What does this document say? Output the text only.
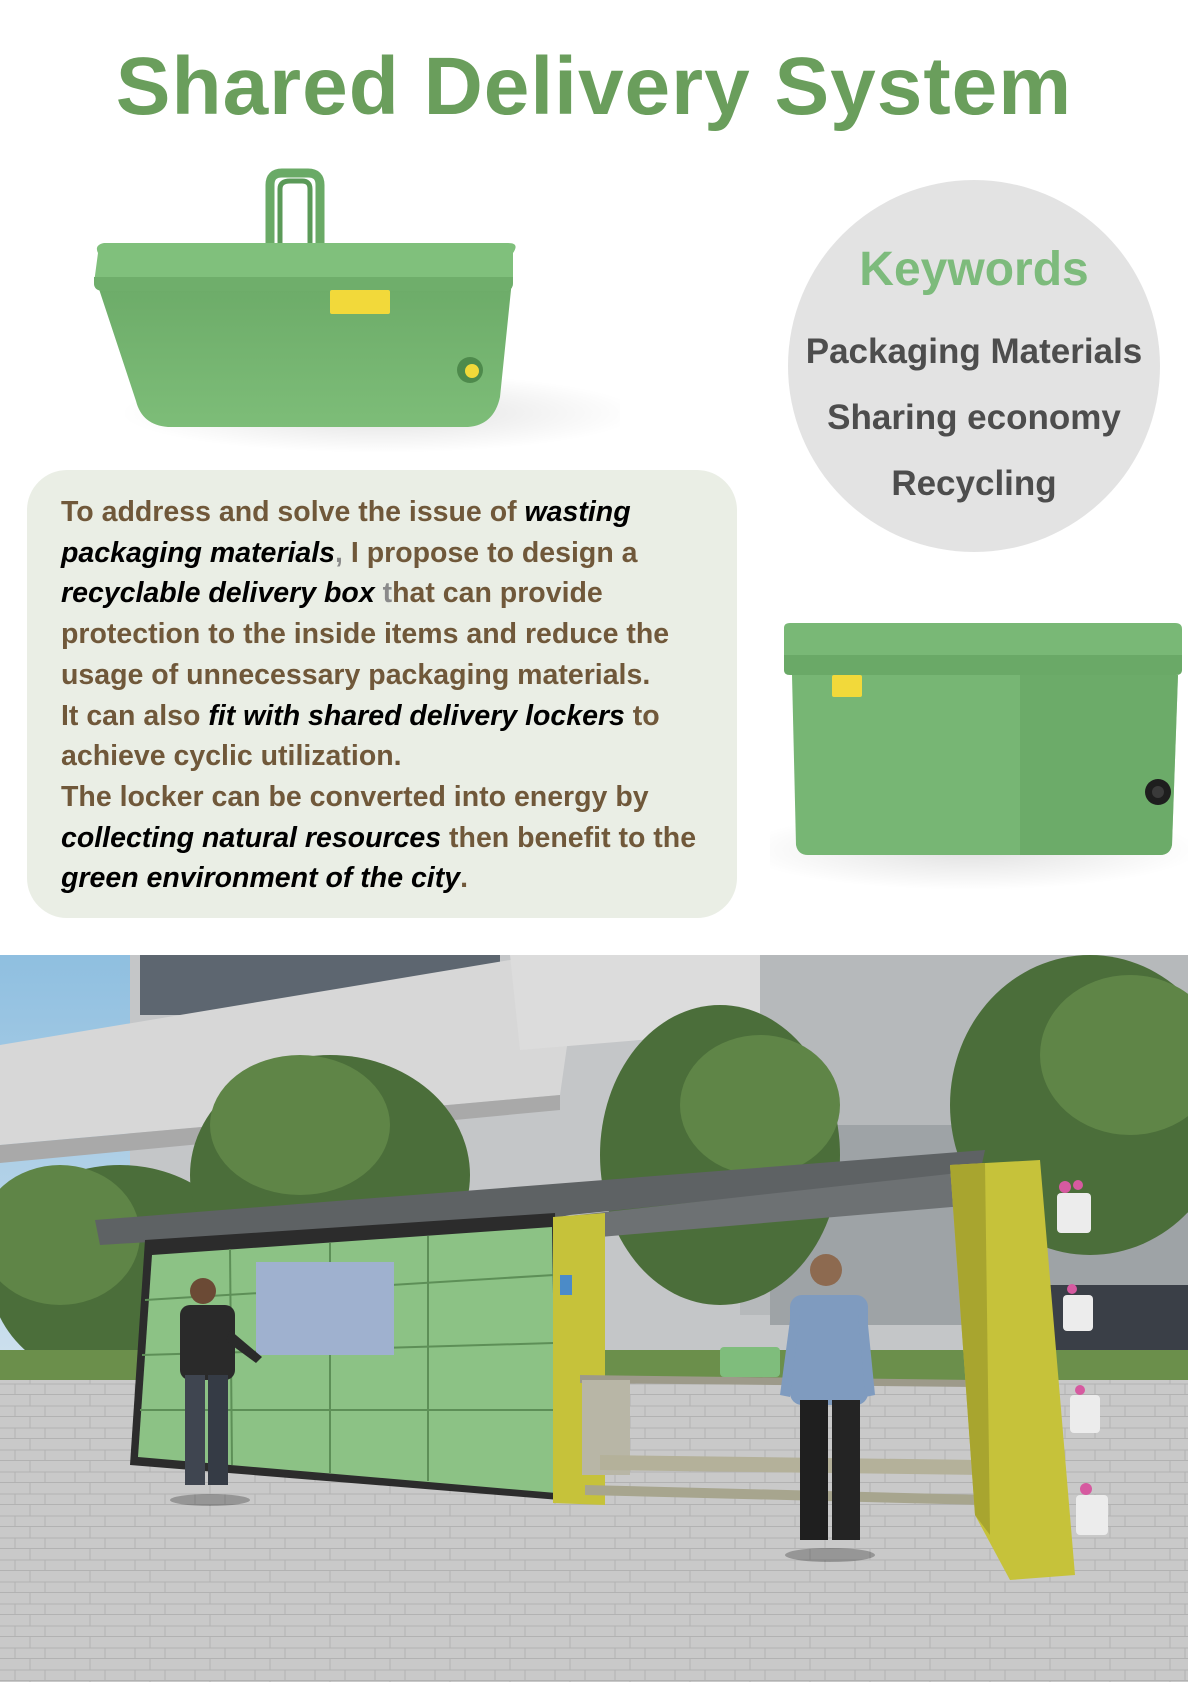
Shared Delivery System
Keywords
Packaging Materials
Sharing economy
Recycling

To address and solve the issue of wasting packaging materials, I propose to design a recyclable delivery box that can provide protection to the inside items and reduce the usage of unnecessary packaging materials.

It can also fit with shared delivery lockers to achieve cyclic utilization.

The locker can be converted into energy by collecting natural resources then benefit to the green environment of the city.
